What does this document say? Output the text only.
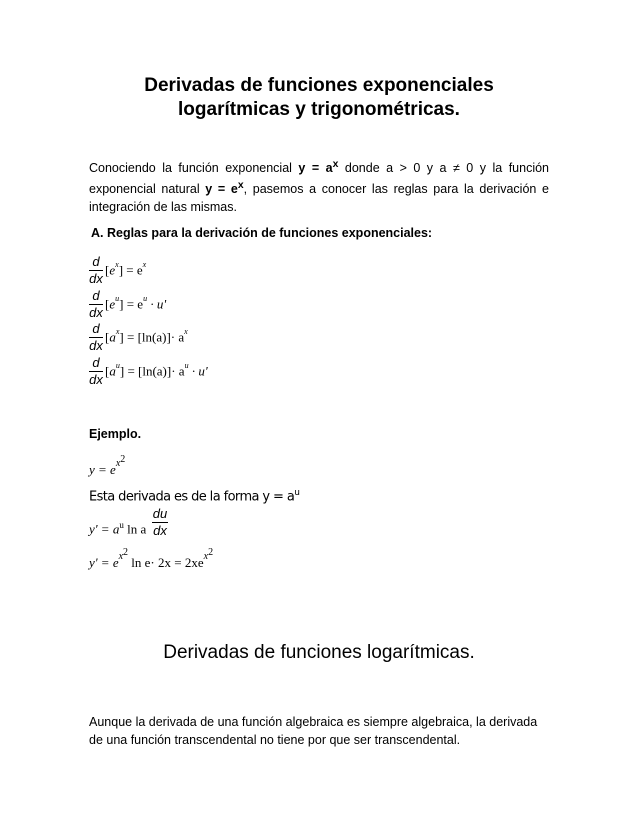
Derivadas de funciones exponenciales
logarítmicas y trigonométricas.
Conociendo la función exponencial $y = a^x$ donde a > 0 y a ≠ 0 y la función
exponencial natural $y = e^x$, pasemos a conocer las reglas para la derivación e
integración de las mismas.
A. Reglas para la derivación de funciones exponenciales:
d
dx
$[e^x] = e^x$
d
dx
$[e^u] = e^u \cdot u'$
d
dx
$[a^x] = [\ln(a)]\cdot a^x$
d
dx
$[a^u] = [\ln(a)]\cdot a^u \cdot u'$
Ejemplo.
$y = e^{x2}$
Esta derivada es de la forma $y = a^u$
$y' = a^u$ ln a
du
dx
$y' = e^{x2}$ $\ln e\cdot 2x = 2xe^{x2}$
Derivadas de funciones logarítmicas.
Aunque la derivada de una función algebraica es siempre algebraica, la derivada
de una función transcendental no tiene por que ser transcendental.
